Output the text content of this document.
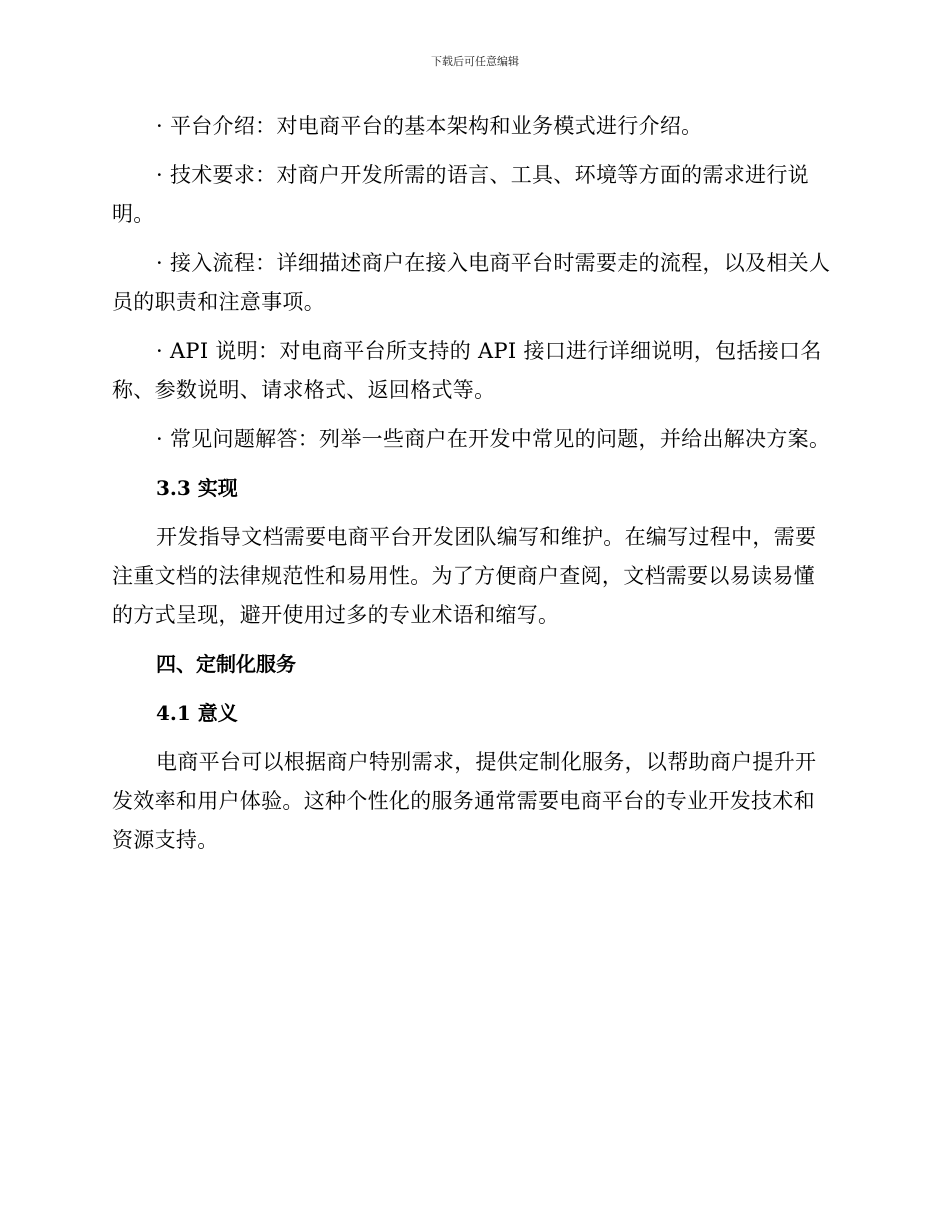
下载后可任意编辑

· 平台介绍：对电商平台的基本架构和业务模式进行介绍。

· 技术要求：对商户开发所需的语言、工具、环境等方面的需求进行说明。

· 接入流程：详细描述商户在接入电商平台时需要走的流程，以及相关人员的职责和注意事项。

· API 说明：对电商平台所支持的 API 接口进行详细说明，包括接口名称、参数说明、请求格式、返回格式等。

· 常见问题解答：列举一些商户在开发中常见的问题，并给出解决方案。

3.3 实现

开发指导文档需要电商平台开发团队编写和维护。在编写过程中，需要注重文档的法律规范性和易用性。为了方便商户查阅，文档需要以易读易懂的方式呈现，避开使用过多的专业术语和缩写。

四、定制化服务

4.1 意义

电商平台可以根据商户特别需求，提供定制化服务，以帮助商户提升开发效率和用户体验。这种个性化的服务通常需要电商平台的专业开发技术和资源支持。
